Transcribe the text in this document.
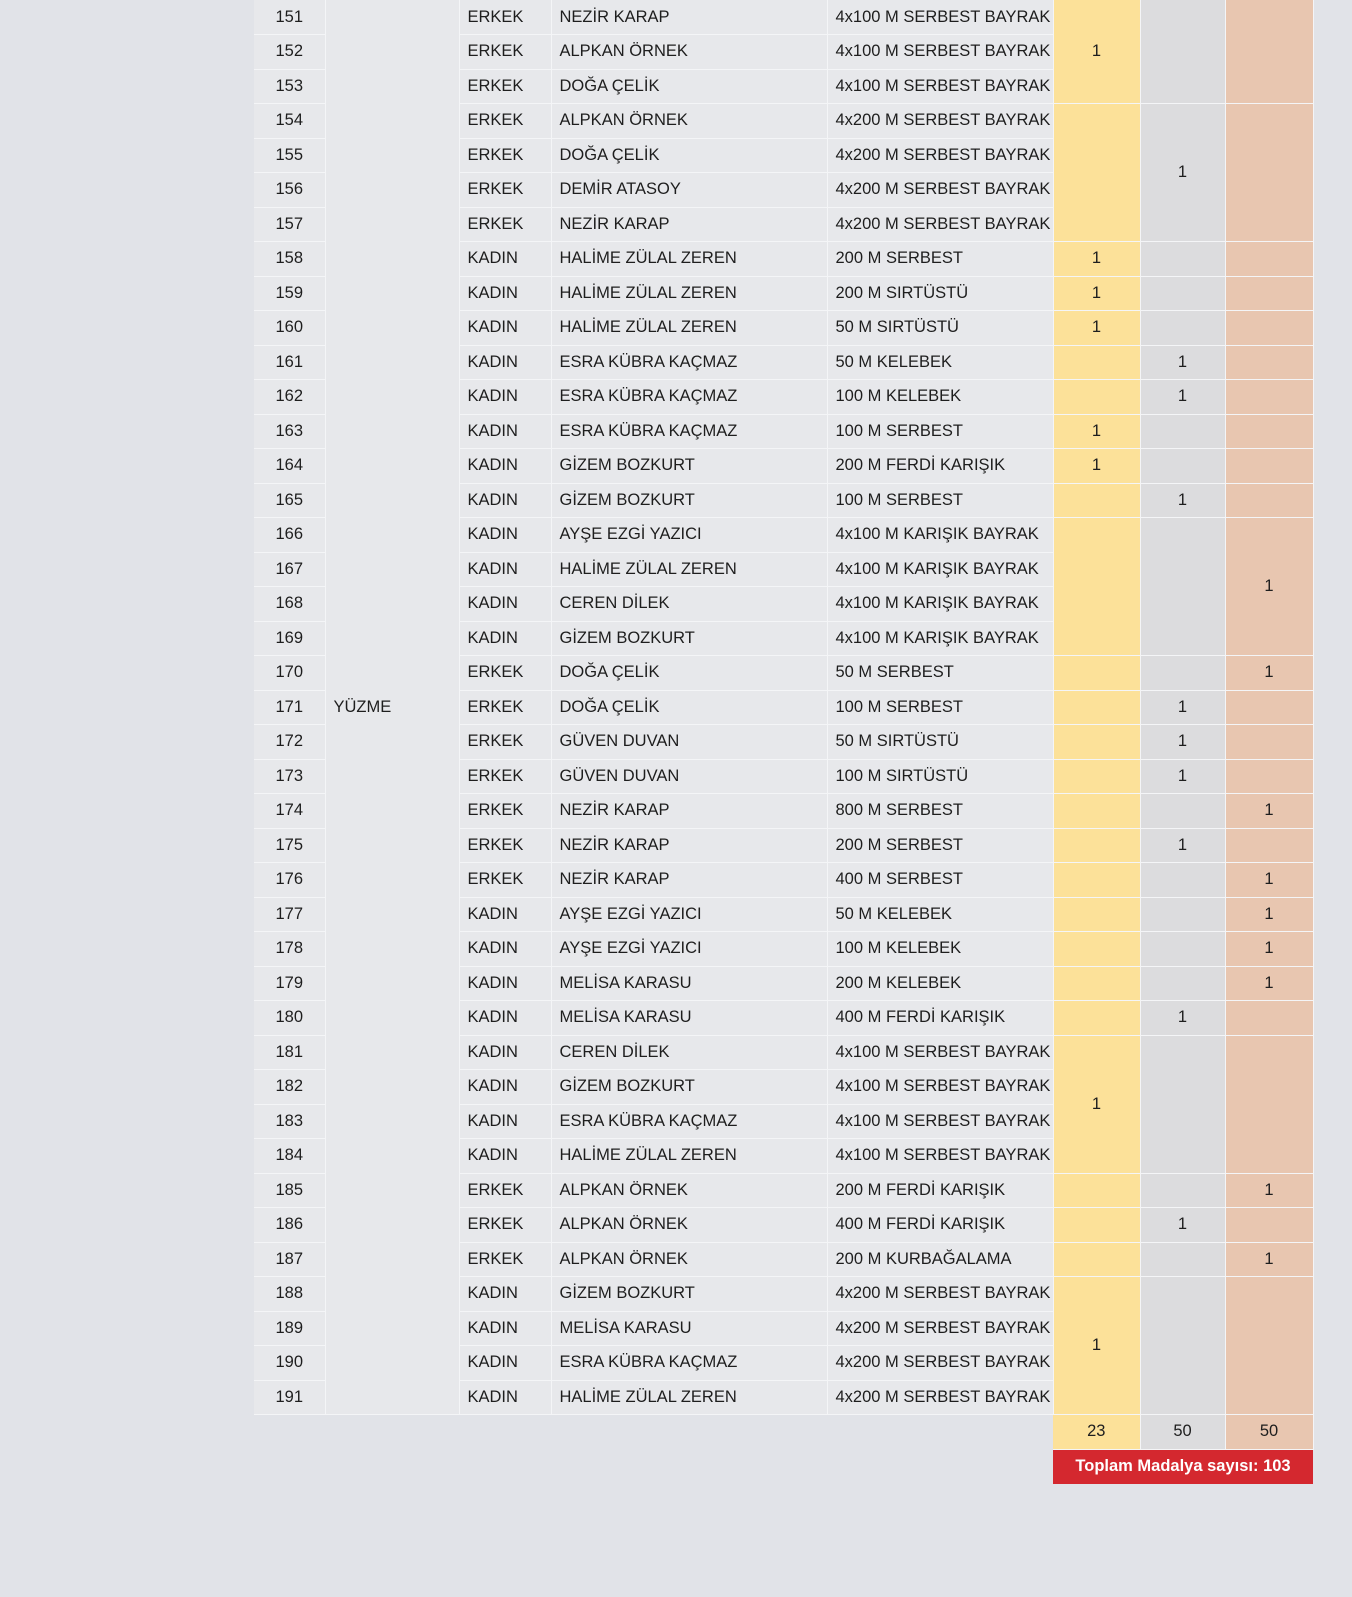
151	YÜZME	ERKEK	NEZİR KARAP	4x100 M SERBEST BAYRAK	1		
152		ERKEK	ALPKAN ÖRNEK	4x100 M SERBEST BAYRAK			
153		ERKEK	DOĞA ÇELİK	4x100 M SERBEST BAYRAK			
154		ERKEK	ALPKAN ÖRNEK	4x200 M SERBEST BAYRAK		1	
155		ERKEK	DOĞA ÇELİK	4x200 M SERBEST BAYRAK			
156		ERKEK	DEMİR ATASOY	4x200 M SERBEST BAYRAK			
157		ERKEK	NEZİR KARAP	4x200 M SERBEST BAYRAK			
158		KADIN	HALİME ZÜLAL ZEREN	200 M SERBEST	1		
159		KADIN	HALİME ZÜLAL ZEREN	200 M SIRTÜSTÜ	1		
160		KADIN	HALİME ZÜLAL ZEREN	50 M SIRTÜSTÜ	1		
161		KADIN	ESRA KÜBRA KAÇMAZ	50 M KELEBEK		1	
162		KADIN	ESRA KÜBRA KAÇMAZ	100 M KELEBEK		1	
163		KADIN	ESRA KÜBRA KAÇMAZ	100 M SERBEST	1		
164		KADIN	GİZEM BOZKURT	200 M FERDİ KARIŞIK	1		
165		KADIN	GİZEM BOZKURT	100 M SERBEST		1	
166		KADIN	AYŞE EZGİ YAZICI	4x100 M KARIŞIK BAYRAK			1
167		KADIN	HALİME ZÜLAL ZEREN	4x100 M KARIŞIK BAYRAK			
168		KADIN	CEREN DİLEK	4x100 M KARIŞIK BAYRAK			
169		KADIN	GİZEM BOZKURT	4x100 M KARIŞIK BAYRAK			
170		ERKEK	DOĞA ÇELİK	50 M SERBEST			1
171		ERKEK	DOĞA ÇELİK	100 M SERBEST		1	
172		ERKEK	GÜVEN DUVAN	50 M SIRTÜSTÜ		1	
173		ERKEK	GÜVEN DUVAN	100 M SIRTÜSTÜ		1	
174		ERKEK	NEZİR KARAP	800 M SERBEST			1
175		ERKEK	NEZİR KARAP	200 M SERBEST		1	
176		ERKEK	NEZİR KARAP	400 M SERBEST			1
177		KADIN	AYŞE EZGİ YAZICI	50 M KELEBEK			1
178		KADIN	AYŞE EZGİ YAZICI	100 M KELEBEK			1
179		KADIN	MELİSA KARASU	200 M KELEBEK			1
180		KADIN	MELİSA KARASU	400 M FERDİ KARIŞIK		1	
181		KADIN	CEREN DİLEK	4x100 M SERBEST BAYRAK	1		
182		KADIN	GİZEM BOZKURT	4x100 M SERBEST BAYRAK			
183		KADIN	ESRA KÜBRA KAÇMAZ	4x100 M SERBEST BAYRAK			
184		KADIN	HALİME ZÜLAL ZEREN	4x100 M SERBEST BAYRAK			
185		ERKEK	ALPKAN ÖRNEK	200 M FERDİ KARIŞIK			1
186		ERKEK	ALPKAN ÖRNEK	400 M FERDİ KARIŞIK		1	
187		ERKEK	ALPKAN ÖRNEK	200 M KURBAĞALAMA			1
188		KADIN	GİZEM BOZKURT	4x200 M SERBEST BAYRAK	1		
189		KADIN	MELİSA KARASU	4x200 M SERBEST BAYRAK			
190		KADIN	ESRA KÜBRA KAÇMAZ	4x200 M SERBEST BAYRAK			
191		KADIN	HALİME ZÜLAL ZEREN	4x200 M SERBEST BAYRAK			
					23	50	50
					Toplam Madalya sayısı: 103		
